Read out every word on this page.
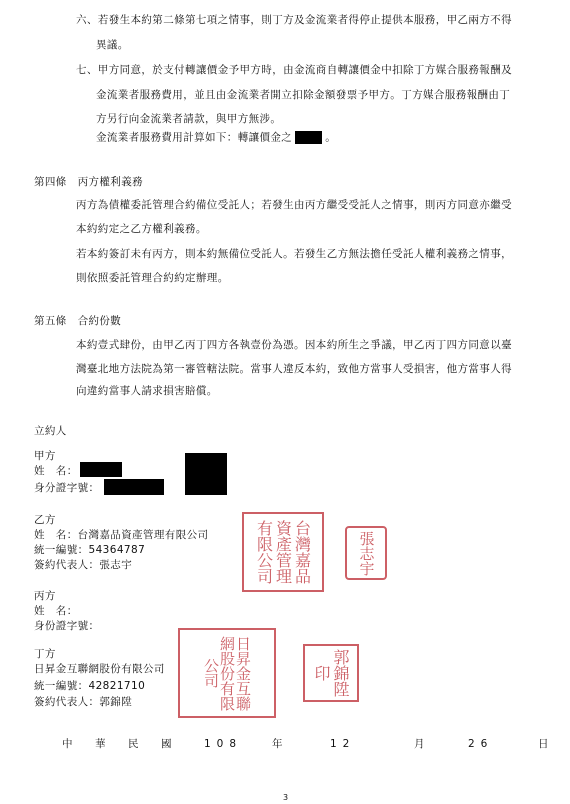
六、若發生本約第二條第七項之情事，則丁方及金流業者得停止提供本服務，甲乙兩方不得
異議。
七、甲方同意，於支付轉讓價金予甲方時，由金流商自轉讓價金中扣除丁方媒合服務報酬及
金流業者服務費用，並且由金流業者開立扣除金額發票予甲方。丁方媒合服務報酬由丁
方另行向金流業者請款，與甲方無涉。
金流業者服務費用計算如下：轉讓價金之	。
第四條　丙方權利義務
丙方為債權委託管理合約備位受託人；若發生由丙方繼受受託人之情事，則丙方同意亦繼受
本約約定之乙方權利義務。
若本約簽訂未有丙方，則本約無備位受託人。若發生乙方無法擔任受託人權利義務之情事，
則依照委託管理合約約定辦理。
第五條　合約份數
本約壹式肆份，由甲乙丙丁四方各執壹份為憑。因本約所生之爭議，甲乙丙丁四方同意以臺
灣臺北地方法院為第一審管轄法院。當事人違反本約，致他方當事人受損害，他方當事人得
向違約當事人請求損害賠償。
立約人
甲方
姓　名：
身分證字號：
乙方
姓　名：台灣嘉品資產管理有限公司
統一編號：54364787
簽約代表人：張志宇	台灣嘉品資產管理有限公司	張志宇
丙方
姓　名：
身份證字號：
丁方
日昇金互聯網股份有限公司
統一編號：42821710
簽約代表人：郭錦陞	日昇金互聯網股份有限公司	郭錦陞印
中　華　民　國	108	年	12	月	26	日
3
